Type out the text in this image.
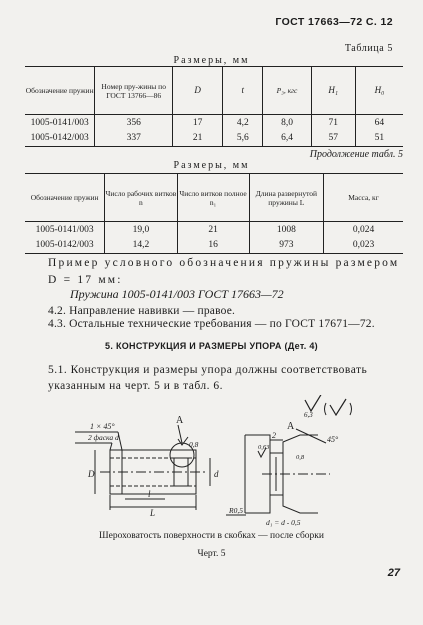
ГОСТ 17663—72 С. 12
Таблица 5
Размеры, мм
Обозначение пружин	Номер пру-жины по ГОСТ 13766—86	D	t	P₃, кгс	H₁	H₀
1005-0141/003	356	17	4,2	8,0	71	64
1005-0142/003	337	21	5,6	6,4	57	51
Продолжение табл. 5
Размеры, мм
Обозначение пружин	Число рабочих витков n	Число витков полное n₁	Длина развернутой пружины L	Масса, кг
1005-0141/003	19,0	21	1008	0,024
1005-0142/003	14,2	16	973	0,023
Пример условного обозначения пружины размером D = 17 мм:
Пружина 1005-0141/003 ГОСТ 17663—72
4.2. Направление навивки — правое.
4.3. Остальные технические требования — по ГОСТ 17671—72.
5. КОНСТРУКЦИЯ И РАЗМЕРЫ УПОРА (Дет. 4)
5.1. Конструкция и размеры упора должны соответствовать указанным на черт. 5 и в табл. 6.
1 × 45°
2 фаска d
А
0,8
D	d
l
L
А
2	45°
R0,5
d₁ = d - 0,5
6,3
0,63
0,8
Шероховатость поверхности в скобках — после сборки
Черт. 5
27
